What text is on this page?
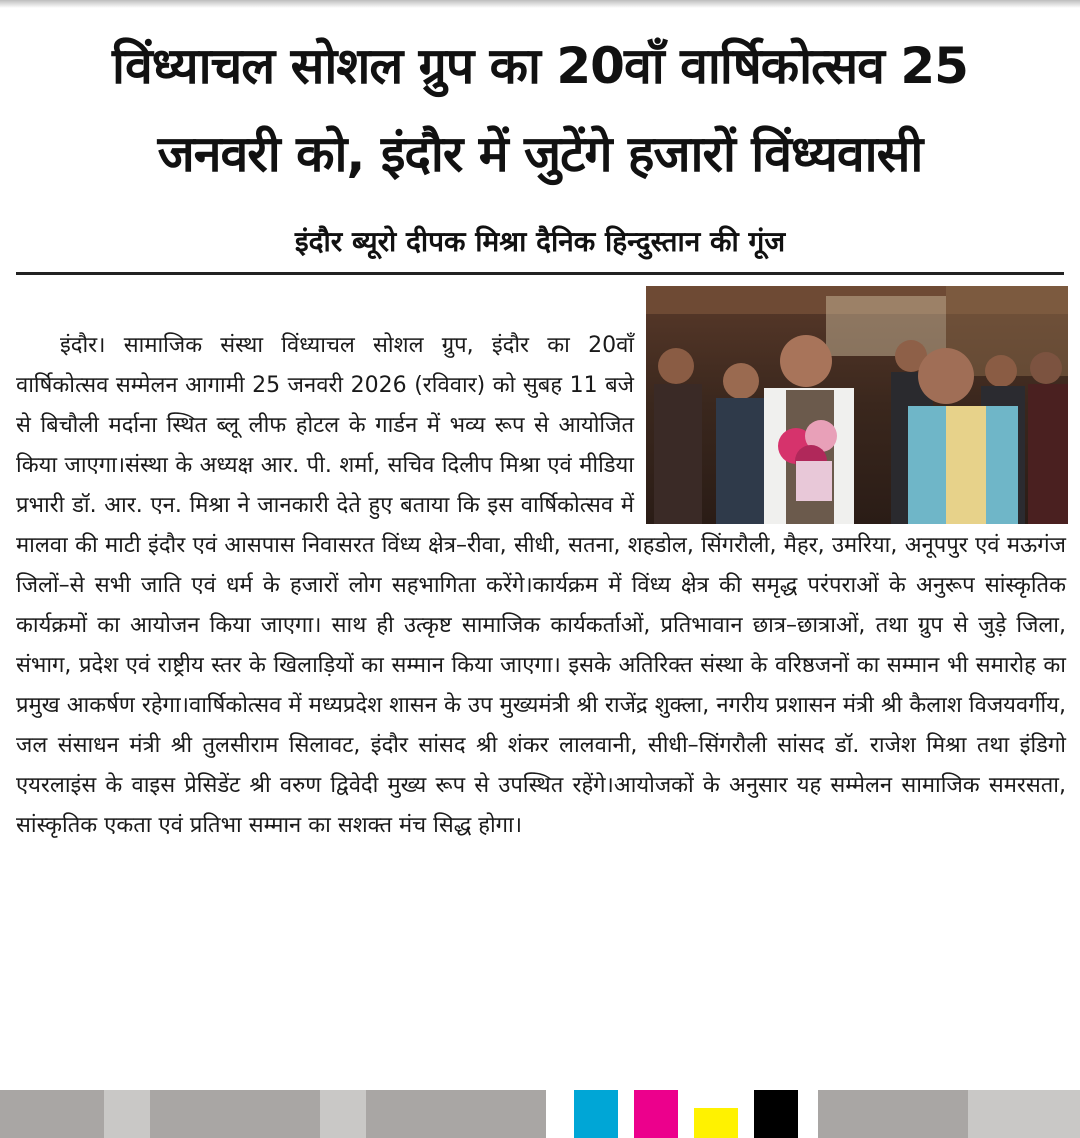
विंध्याचल सोशल ग्रुप का 20वाँ वार्षिकोत्सव 25
जनवरी को, इंदौर में जुटेंगे हजारों विंध्यवासी
इंदौर ब्यूरो दीपक मिश्रा दैनिक हिन्दुस्तान की गूंज

इंदौर। सामाजिक संस्था विंध्याचल सोशल ग्रुप, इंदौर का 20वाँ वार्षिकोत्सव सम्मेलन आगामी 25 जनवरी 2026 (रविवार) को सुबह 11 बजे से बिचौली मर्दाना स्थित ब्लू लीफ होटल के गार्डन में भव्य रूप से आयोजित किया जाएगा।संस्था के अध्यक्ष आर. पी. शर्मा, सचिव दिलीप मिश्रा एवं मीडिया प्रभारी डॉ. आर. एन. मिश्रा ने जानकारी देते हुए बताया कि इस वार्षिकोत्सव में मालवा की माटी इंदौर एवं आसपास निवासरत विंध्य क्षेत्र–रीवा, सीधी, सतना, शहडोल, सिंगरौली, मैहर, उमरिया, अनूपपुर एवं मऊगंज जिलों–से सभी जाति एवं धर्म के हजारों लोग सहभागिता करेंगे।कार्यक्रम में विंध्य क्षेत्र की समृद्ध परंपराओं के अनुरूप सांस्कृतिक कार्यक्रमों का आयोजन किया जाएगा। साथ ही उत्कृष्ट सामाजिक कार्यकर्ताओं, प्रतिभावान छात्र–छात्राओं, तथा ग्रुप से जुड़े जिला, संभाग, प्रदेश एवं राष्ट्रीय स्तर के खिलाड़ियों का सम्मान किया जाएगा। इसके अतिरिक्त संस्था के वरिष्ठजनों का सम्मान भी समारोह का प्रमुख आकर्षण रहेगा।वार्षिकोत्सव में मध्यप्रदेश शासन के उप मुख्यमंत्री श्री राजेंद्र शुक्ला, नगरीय प्रशासन मंत्री श्री कैलाश विजयवर्गीय, जल संसाधन मंत्री श्री तुलसीराम सिलावट, इंदौर सांसद श्री शंकर लालवानी, सीधी–सिंगरौली सांसद डॉ. राजेश मिश्रा तथा इंडिगो एयरलाइंस के वाइस प्रेसिडेंट श्री वरुण द्विवेदी मुख्य रूप से उपस्थित रहेंगे।आयोजकों के अनुसार यह सम्मेलन सामाजिक समरसता, सांस्कृतिक एकता एवं प्रतिभा सम्मान का सशक्त मंच सिद्ध होगा।
